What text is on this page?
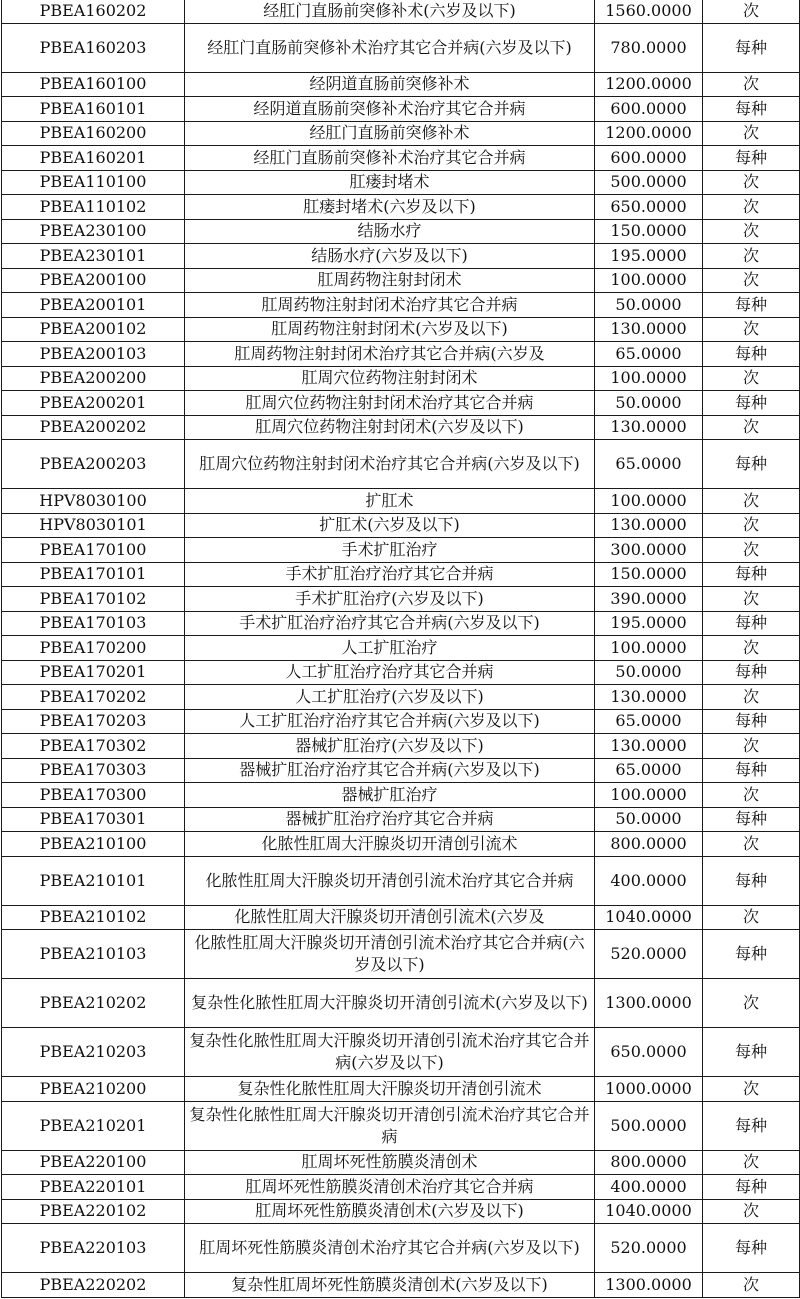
PBEA160202	经肛门直肠前突修补术(六岁及以下)	1560.0000	次
PBEA160203	经肛门直肠前突修补术治疗其它合并病(六岁及以下)	780.0000	每种
PBEA160100	经阴道直肠前突修补术	1200.0000	次
PBEA160101	经阴道直肠前突修补术治疗其它合并病	600.0000	每种
PBEA160200	经肛门直肠前突修补术	1200.0000	次
PBEA160201	经肛门直肠前突修补术治疗其它合并病	600.0000	每种
PBEA110100	肛瘘封堵术	500.0000	次
PBEA110102	肛瘘封堵术(六岁及以下)	650.0000	次
PBEA230100	结肠水疗	150.0000	次
PBEA230101	结肠水疗(六岁及以下)	195.0000	次
PBEA200100	肛周药物注射封闭术	100.0000	次
PBEA200101	肛周药物注射封闭术治疗其它合并病	50.0000	每种
PBEA200102	肛周药物注射封闭术(六岁及以下)	130.0000	次
PBEA200103	肛周药物注射封闭术治疗其它合并病(六岁及	65.0000	每种
PBEA200200	肛周穴位药物注射封闭术	100.0000	次
PBEA200201	肛周穴位药物注射封闭术治疗其它合并病	50.0000	每种
PBEA200202	肛周穴位药物注射封闭术(六岁及以下)	130.0000	次
PBEA200203	肛周穴位药物注射封闭术治疗其它合并病(六岁及以下)	65.0000	每种
HPV8030100	扩肛术	100.0000	次
HPV8030101	扩肛术(六岁及以下)	130.0000	次
PBEA170100	手术扩肛治疗	300.0000	次
PBEA170101	手术扩肛治疗治疗其它合并病	150.0000	每种
PBEA170102	手术扩肛治疗(六岁及以下)	390.0000	次
PBEA170103	手术扩肛治疗治疗其它合并病(六岁及以下)	195.0000	每种
PBEA170200	人工扩肛治疗	100.0000	次
PBEA170201	人工扩肛治疗治疗其它合并病	50.0000	每种
PBEA170202	人工扩肛治疗(六岁及以下)	130.0000	次
PBEA170203	人工扩肛治疗治疗其它合并病(六岁及以下)	65.0000	每种
PBEA170302	器械扩肛治疗(六岁及以下)	130.0000	次
PBEA170303	器械扩肛治疗治疗其它合并病(六岁及以下)	65.0000	每种
PBEA170300	器械扩肛治疗	100.0000	次
PBEA170301	器械扩肛治疗治疗其它合并病	50.0000	每种
PBEA210100	化脓性肛周大汗腺炎切开清创引流术	800.0000	次
PBEA210101	化脓性肛周大汗腺炎切开清创引流术治疗其它合并病	400.0000	每种
PBEA210102	化脓性肛周大汗腺炎切开清创引流术(六岁及	1040.0000	次
PBEA210103	化脓性肛周大汗腺炎切开清创引流术治疗其它合并病(六岁及以下)	520.0000	每种
PBEA210202	复杂性化脓性肛周大汗腺炎切开清创引流术(六岁及以下)	1300.0000	次
PBEA210203	复杂性化脓性肛周大汗腺炎切开清创引流术治疗其它合并病(六岁及以下)	650.0000	每种
PBEA210200	复杂性化脓性肛周大汗腺炎切开清创引流术	1000.0000	次
PBEA210201	复杂性化脓性肛周大汗腺炎切开清创引流术治疗其它合并病	500.0000	每种
PBEA220100	肛周坏死性筋膜炎清创术	800.0000	次
PBEA220101	肛周坏死性筋膜炎清创术治疗其它合并病	400.0000	每种
PBEA220102	肛周坏死性筋膜炎清创术(六岁及以下)	1040.0000	次
PBEA220103	肛周坏死性筋膜炎清创术治疗其它合并病(六岁及以下)	520.0000	每种
PBEA220202	复杂性肛周坏死性筋膜炎清创术(六岁及以下)	1300.0000	次
